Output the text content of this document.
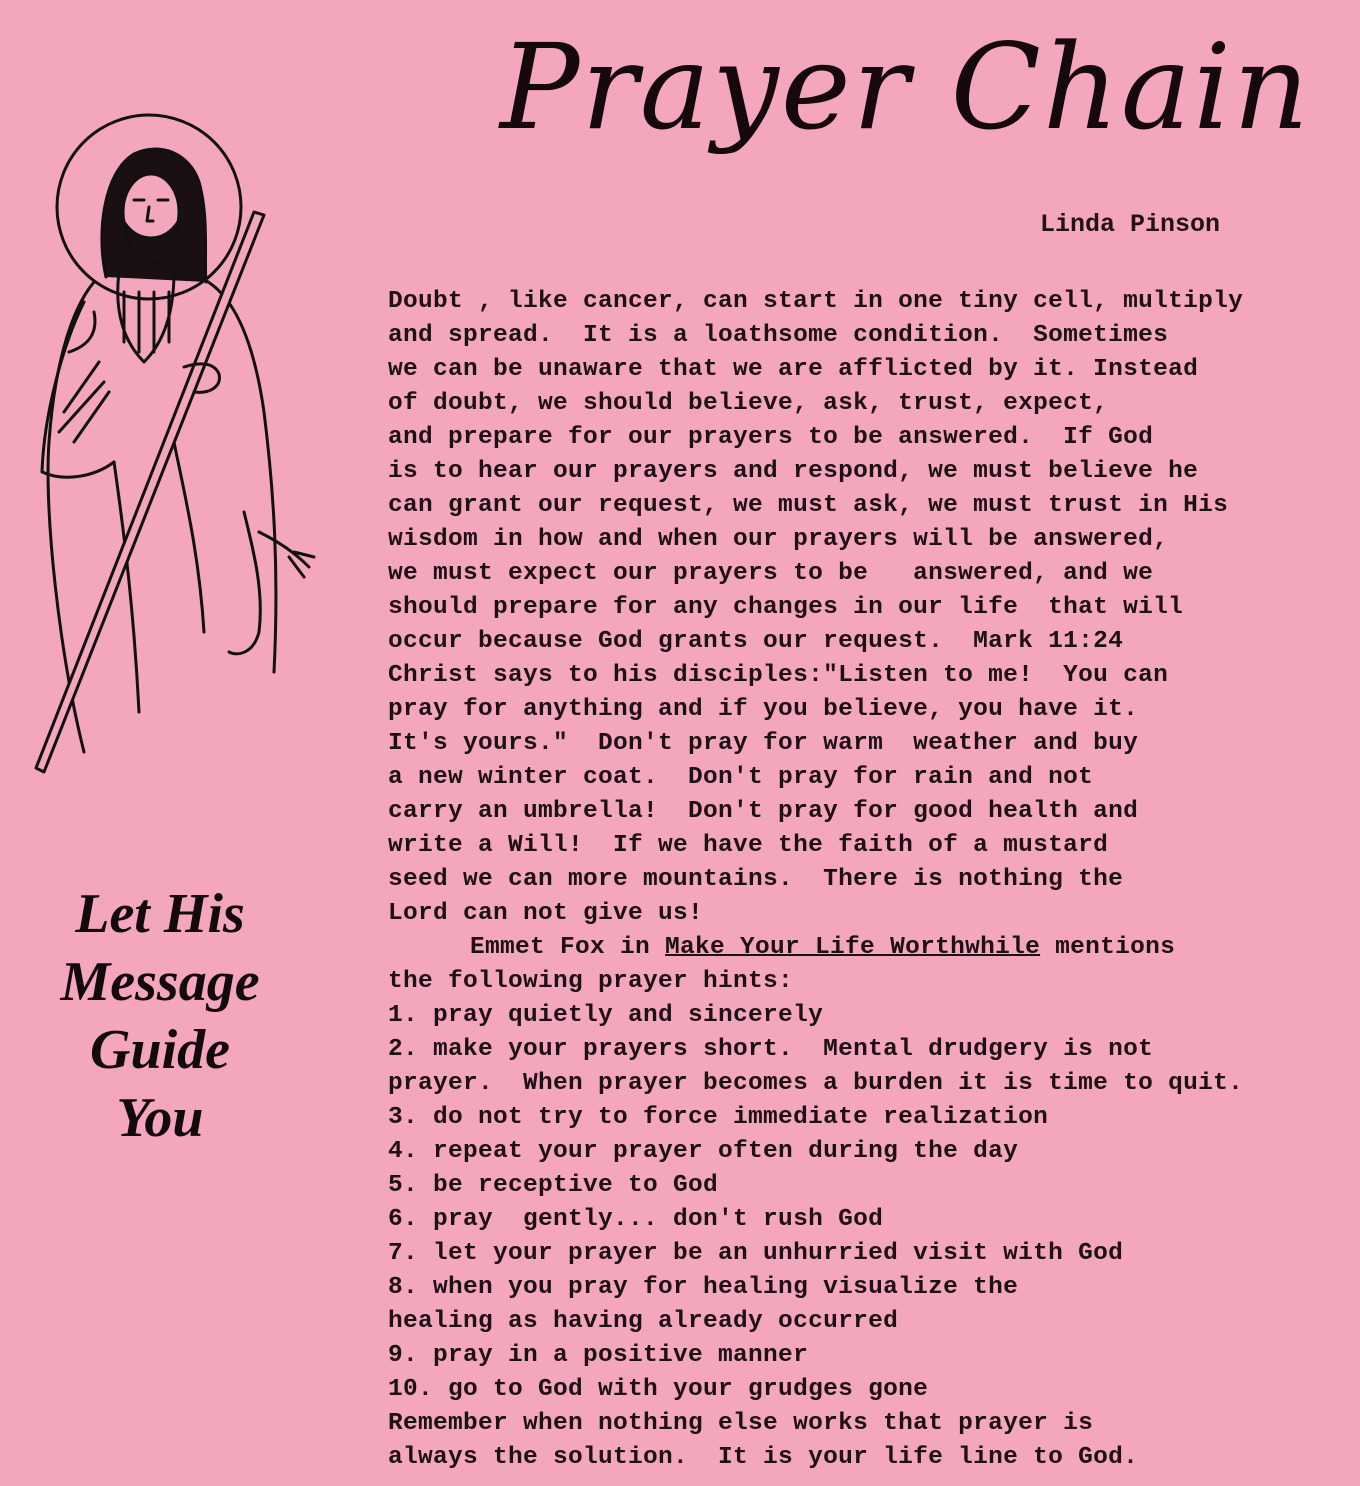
Prayer Chain
Linda Pinson
Let His
Message
Guide
You
Doubt , like cancer, can start in one tiny cell, multiply
and spread.  It is a loathsome condition.  Sometimes
we can be unaware that we are afflicted by it. Instead
of doubt, we should believe, ask, trust, expect,
and prepare for our prayers to be answered.  If God
is to hear our prayers and respond, we must believe he
can grant our request, we must ask, we must trust in His
wisdom in how and when our prayers will be answered,
we must expect our prayers to be   answered, and we
should prepare for any changes in our life  that will
occur because God grants our request.  Mark 11:24
Christ says to his disciples:"Listen to me!  You can
pray for anything and if you believe, you have it.
It's yours."  Don't pray for warm  weather and buy
a new winter coat.  Don't pray for rain and not
carry an umbrella!  Don't pray for good health and
write a Will!  If we have the faith of a mustard
seed we can more mountains.  There is nothing the
Lord can not give us!
Emmet Fox in Make Your Life Worthwhile mentions
the following prayer hints:
1. pray quietly and sincerely
2. make your prayers short.  Mental drudgery is not
prayer.  When prayer becomes a burden it is time to quit.
3. do not try to force immediate realization
4. repeat your prayer often during the day
5. be receptive to God
6. pray  gently... don't rush God
7. let your prayer be an unhurried visit with God
8. when you pray for healing visualize the
healing as having already occurred
9. pray in a positive manner
10. go to God with your grudges gone
Remember when nothing else works that prayer is
always the solution.  It is your life line to God.
